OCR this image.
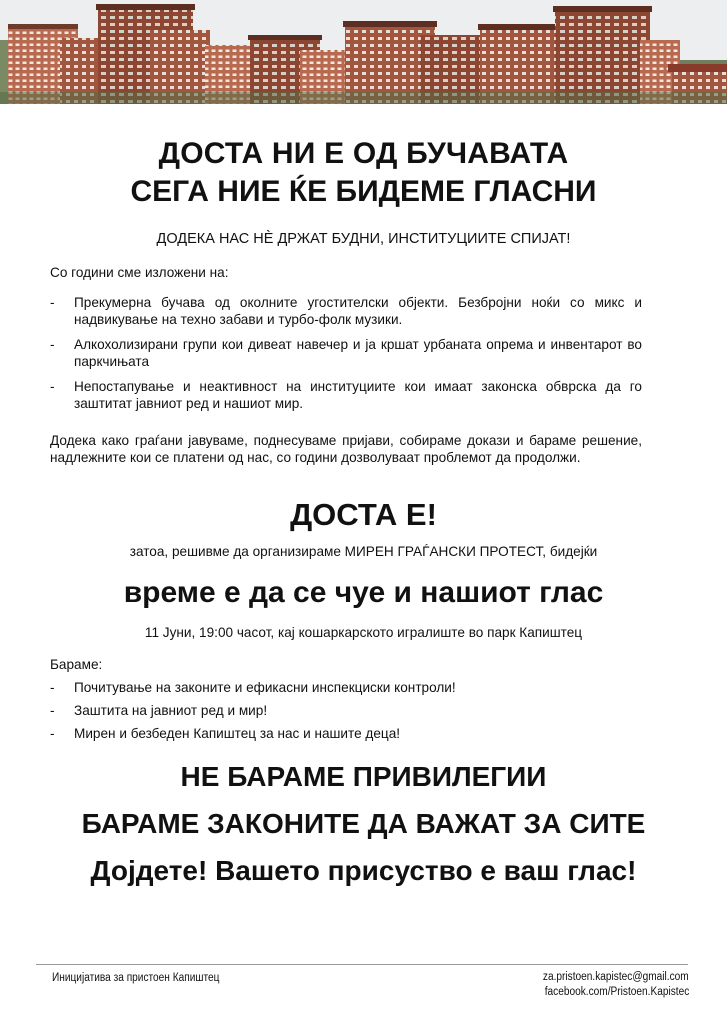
ДОСТА НИ Е ОД БУЧАВАТА
СЕГА НИЕ ЌЕ БИДЕМЕ ГЛАСНИ
ДОДЕКА НАС НÈ ДРЖАТ БУДНИ, ИНСТИТУЦИИТЕ СПИЈАТ!
Со години сме изложени на:
- Прекумерна бучава од околните угостителски објекти. Безбројни ноќи со микс и надвикување на техно забави и турбо-фолк музики.
- Алкохолизирани групи кои дивеат навечер и ја кршат урбаната опрема и инвентарот во паркчињата
- Непостапување и неактивност на институциите кои имаат законска обврска да го заштитат јавниот ред и нашиот мир.
Додека како граѓани јавуваме, поднесуваме пријави, собираме докази и бараме решение, надлежните кои се платени од нас, со години дозволуваат проблемот да продолжи.
ДОСТА Е!
затоа, решивме да организираме МИРЕН ГРАЃАНСКИ ПРОТЕСТ, бидејќи
време е да се чуе и нашиот глас
11 Јуни, 19:00 часот, кај кошаркарското игралиште во парк Капиштец
Бараме:
- Почитување на законите и ефикасни инспекциски контроли!
- Заштита на јавниот ред и мир!
- Мирен и безбеден Капиштец за нас и нашите деца!
НЕ БАРАМЕ ПРИВИЛЕГИИ
БАРАМЕ ЗАКОНИТЕ ДА ВАЖАТ ЗА СИТЕ
Дојдете! Вашето присуство е ваш глас!
Иницијатива за пристоен Капиштец	za.pristoen.kapistec@gmail.com
facebook.com/Pristoen.Kapistec
